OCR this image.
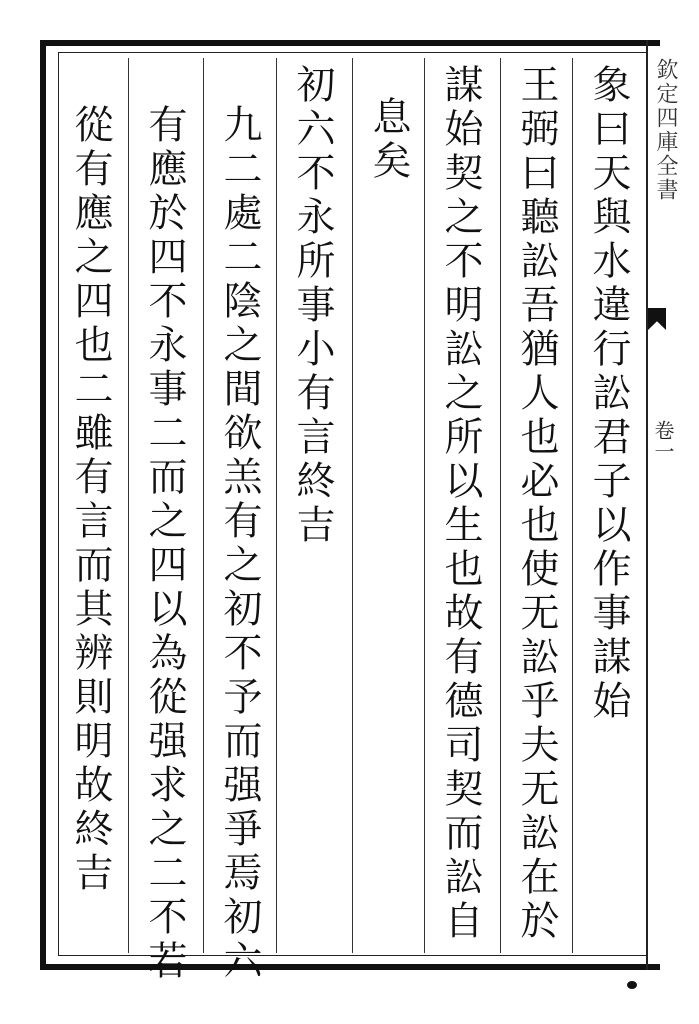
欽定四庫全書
卷一
象曰天與水違行訟君子以作事謀始
王弼曰聽訟吾猶人也必也使无訟乎夫无訟在於
謀始契之不明訟之所以生也故有德司契而訟自
息矣
初六不永所事小有言終吉
九二處二陰之間欲羔有之初不予而强爭焉初六
有應於四不永事二而之四以為從强求之二不若
從有應之四也二雖有言而其辨則明故終吉
